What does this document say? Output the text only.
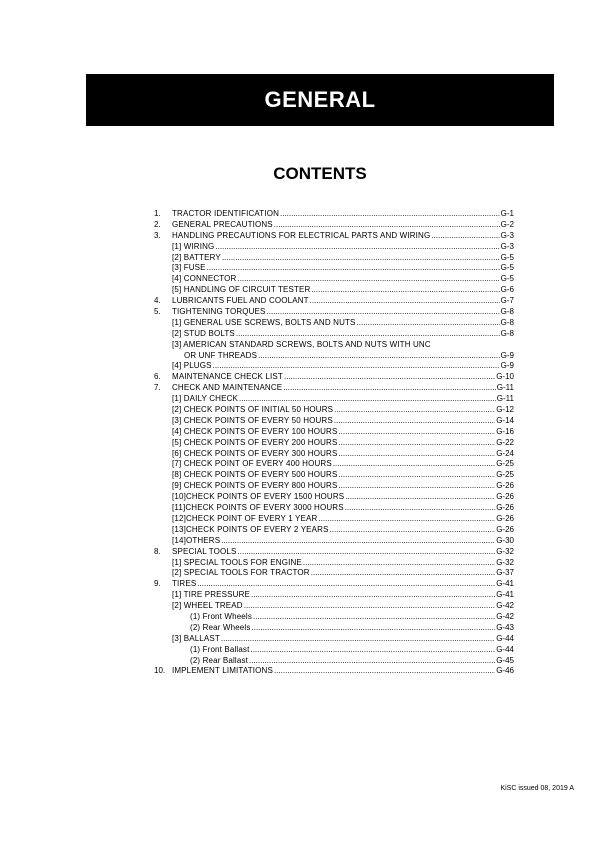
GENERAL
CONTENTS
1.	TRACTOR IDENTIFICATION .....	G-1
2.	GENERAL PRECAUTIONS .....	G-2
3.	HANDLING PRECAUTIONS FOR ELECTRICAL PARTS AND WIRING .....	G-3
[1] WIRING .....	G-3
[2] BATTERY .....	G-5
[3] FUSE .....	G-5
[4] CONNECTOR .....	G-5
[5] HANDLING OF CIRCUIT TESTER .....	G-6
4.	LUBRICANTS FUEL AND COOLANT .....	G-7
5.	TIGHTENING TORQUES .....	G-8
[1] GENERAL USE SCREWS, BOLTS AND NUTS .....	G-8
[2] STUD BOLTS .....	G-8
[3] AMERICAN STANDARD SCREWS, BOLTS AND NUTS WITH UNC
OR UNF THREADS .....	G-9
[4] PLUGS .....	G-9
6.	MAINTENANCE CHECK LIST .....	G-10
7.	CHECK AND MAINTENANCE .....	G-11
[1] DAILY CHECK .....	G-11
[2] CHECK POINTS OF INITIAL 50 HOURS .....	G-12
[3] CHECK POINTS OF EVERY 50 HOURS .....	G-14
[4] CHECK POINTS OF EVERY 100 HOURS .....	G-16
[5] CHECK POINTS OF EVERY 200 HOURS .....	G-22
[6] CHECK POINTS OF EVERY 300 HOURS .....	G-24
[7] CHECK POINT OF EVERY 400 HOURS .....	G-25
[8] CHECK POINTS OF EVERY 500 HOURS .....	G-25
[9] CHECK POINTS OF EVERY 800 HOURS .....	G-26
[10]CHECK POINTS OF EVERY 1500 HOURS .....	G-26
[11]CHECK POINTS OF EVERY 3000 HOURS .....	G-26
[12]CHECK POINT OF EVERY 1 YEAR .....	G-26
[13]CHECK POINTS OF EVERY 2 YEARS .....	G-26
[14]OTHERS .....	G-30
8.	SPECIAL TOOLS .....	G-32
[1] SPECIAL TOOLS FOR ENGINE .....	G-32
[2] SPECIAL TOOLS FOR TRACTOR .....	G-37
9.	TIRES .....	G-41
[1] TIRE PRESSURE .....	G-41
[2] WHEEL TREAD .....	G-42
(1) Front Wheels .....	G-42
(2) Rear Wheels .....	G-43
[3] BALLAST .....	G-44
(1) Front Ballast .....	G-44
(2) Rear Ballast .....	G-45
10. IMPLEMENT LIMITATIONS .....	G-46
KiSC issued 08, 2019 A
